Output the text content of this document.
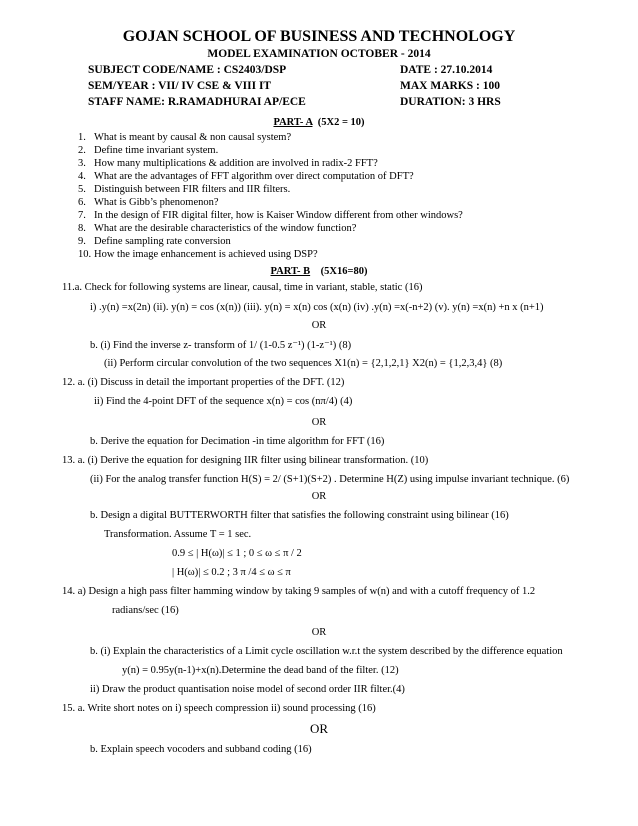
GOJAN SCHOOL OF BUSINESS AND TECHNOLOGY
MODEL EXAMINATION OCTOBER - 2014
SUBJECT CODE/NAME : CS2403/DSP	DATE : 27.10.2014
SEM/YEAR : VII/ IV CSE & VIII IT	MAX MARKS : 100
STAFF NAME: R.RAMADHURAI AP/ECE	DURATION: 3 HRS
PART- A (5X2 = 10)
1. What is meant by causal & non causal system?
2. Define time invariant system.
3. How many multiplications & addition are involved in radix-2 FFT?
4. What are the advantages of FFT algorithm over direct computation of DFT?
5. Distinguish between FIR filters and IIR filters.
6. What is Gibb’s phenomenon?
7. In the design of FIR digital filter, how is Kaiser Window different from other windows?
8. What are the desirable characteristics of the window function?
9. Define sampling rate conversion
10. How the image enhancement is achieved using DSP?
PART- B (5X16=80)
11.a. Check for following systems are linear, causal, time in variant, stable, static (16)
i) .y(n) =x(2n) (ii). y(n) = cos (x(n)) (iii). y(n) = x(n) cos (x(n) (iv) .y(n) =x(-n+2) (v). y(n) =x(n) +n x (n+1)
OR
b. (i) Find the inverse z- transform of 1/ (1-0.5 z⁻¹) (1-z⁻¹) (8)
(ii) Perform circular convolution of the two sequences X1(n) = {2,1,2,1} X2(n) = {1,2,3,4} (8)
12. a. (i) Discuss in detail the important properties of the DFT. (12)
ii) Find the 4-point DFT of the sequence x(n) = cos (nπ/4) (4)
OR
b. Derive the equation for Decimation -in time algorithm for FFT (16)
13. a. (i) Derive the equation for designing IIR filter using bilinear transformation. (10)
(ii) For the analog transfer function H(S) = 2/ (S+1)(S+2) . Determine H(Z) using impulse invariant technique. (6)
OR
b. Design a digital BUTTERWORTH filter that satisfies the following constraint using bilinear (16)
Transformation. Assume T = 1 sec.
0.9 ≤ | H(ω)| ≤ 1 ; 0 ≤ ω ≤ π / 2
| H(ω)| ≤ 0.2 ; 3 π /4 ≤ ω ≤ π
14. a) Design a high pass filter hamming window by taking 9 samples of w(n) and with a cutoff frequency of 1.2
radians/sec (16)
OR
b. (i) Explain the characteristics of a Limit cycle oscillation w.r.t the system described by the difference equation
y(n) = 0.95y(n-1)+x(n).Determine the dead band of the filter. (12)
ii) Draw the product quantisation noise model of second order IIR filter.(4)
15. a. Write short notes on i) speech compression ii) sound processing (16)
OR
b. Explain speech vocoders and subband coding (16)
